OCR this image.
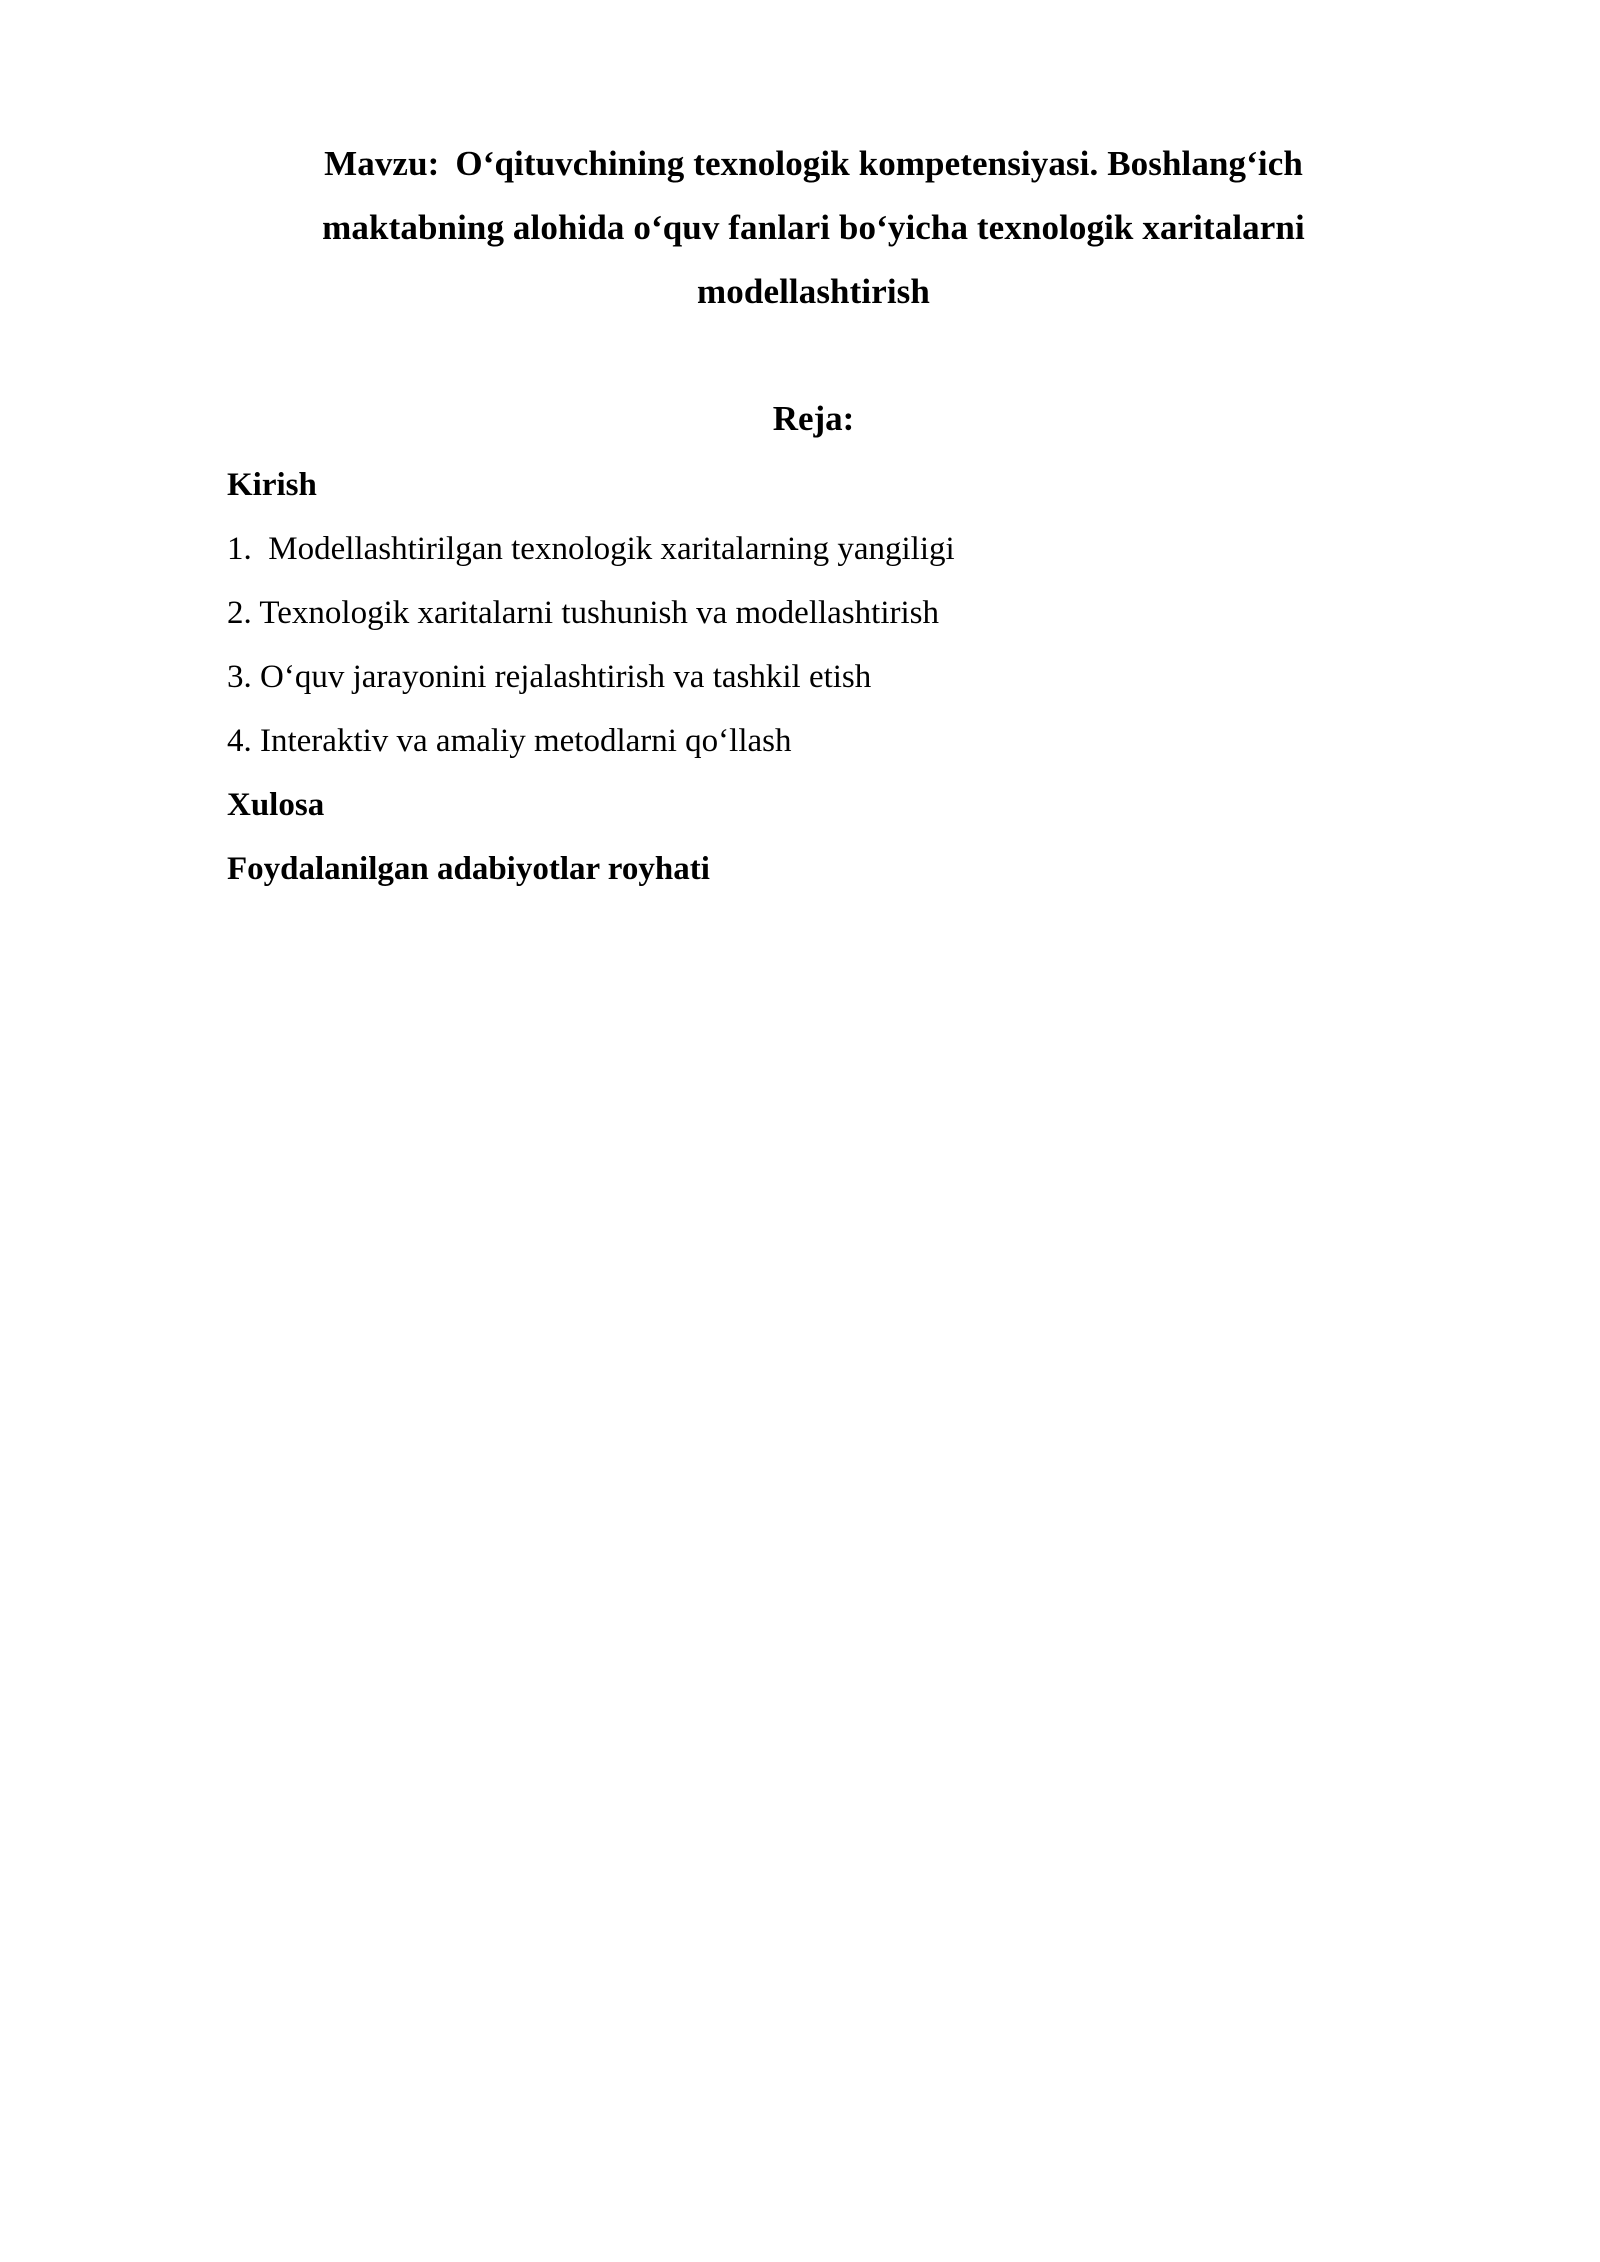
Mavzu: O‘qituvchining texnologik kompetensiyasi. Boshlang‘ich
maktabning alohida o‘quv fanlari bo‘yicha texnologik xaritalarni
modellashtirish
Reja:
Kirish
1.  Modellashtirilgan texnologik xaritalarning yangiligi
2. Texnologik xaritalarni tushunish va modellashtirish
3. O‘quv jarayonini rejalashtirish va tashkil etish
4. Interaktiv va amaliy metodlarni qo‘llash
Xulosa
Foydalanilgan adabiyotlar royhati
